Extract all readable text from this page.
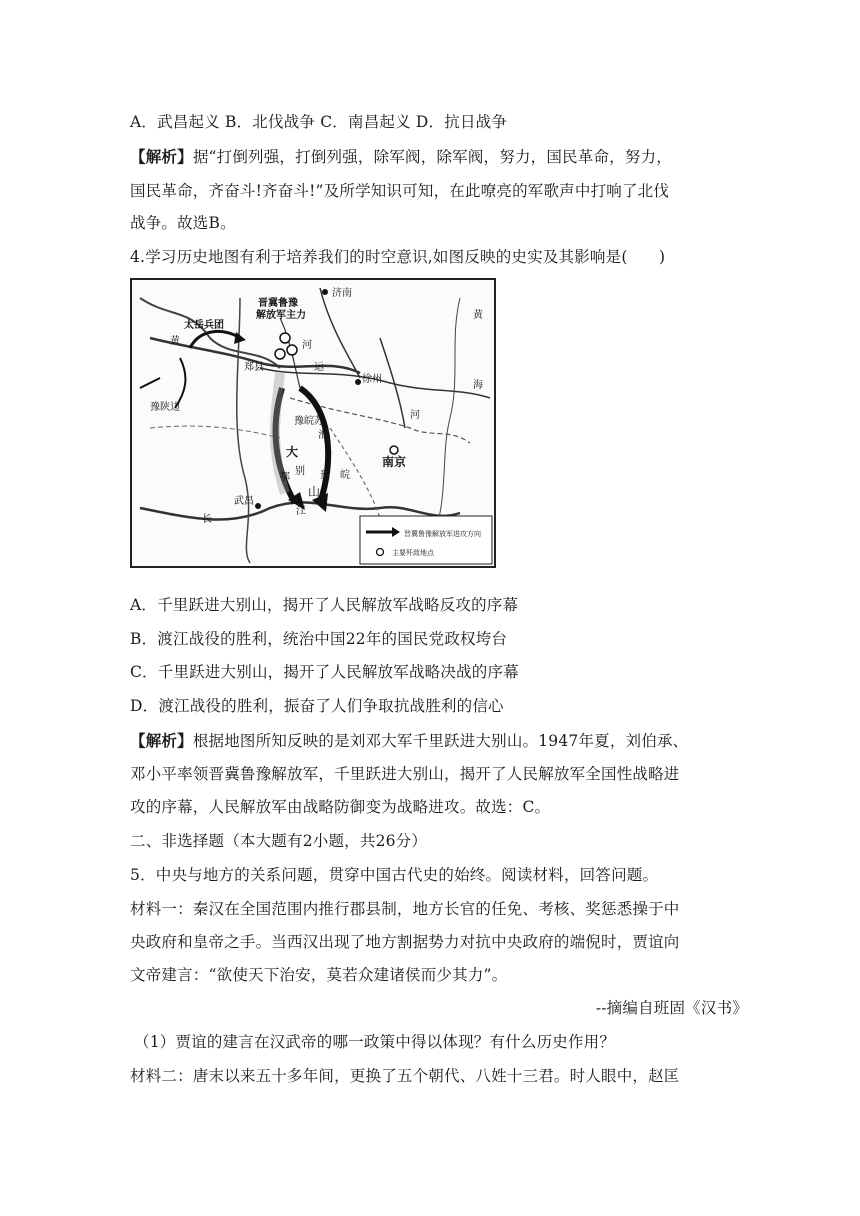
A．武昌起义 B．北伐战争 C．南昌起义 D．抗日战争
【解析】据“打倒列强，打倒列强，除军阀，除军阀，努力，国民革命，努力，
国民革命，齐奋斗!齐奋斗!”及所学知识可知，在此嘹亮的军歌声中打响了北伐
战争。故选B。
4.学习历史地图有利于培养我们的时空意识,如图反映的史实及其影响是(　　)
济南
晋冀鲁豫
解放军主力
太岳兵团
黄	河
郑县	运
徐州
豫陕边
豫皖苏
淮
河
南京
大
别
山
鄂	豫 皖
武昌
长
江
黄
海
晋冀鲁豫解放军进攻方向
主要歼敌地点
A．千里跃进大别山，揭开了人民解放军战略反攻的序幕
B．渡江战役的胜利，统治中国22年的国民党政权垮台
C．千里跃进大别山，揭开了人民解放军战略决战的序幕
D．渡江战役的胜利，振奋了人们争取抗战胜利的信心
【解析】根据地图所知反映的是刘邓大军千里跃进大别山。1947年夏，刘伯承、
邓小平率领晋冀鲁豫解放军，千里跃进大别山，揭开了人民解放军全国性战略进
攻的序幕，人民解放军由战略防御变为战略进攻。故选：C。
二、非选择题（本大题有2小题，共26分）
5．中央与地方的关系问题，贯穿中国古代史的始终。阅读材料，回答问题。
材料一：秦汉在全国范围内推行郡县制，地方长官的任免、考核、奖惩悉操于中
央政府和皇帝之手。当西汉出现了地方割据势力对抗中央政府的端倪时，贾谊向
文帝建言：“欲使天下治安，莫若众建诸侯而少其力”。
--摘编自班固《汉书》
（1）贾谊的建言在汉武帝的哪一政策中得以体现？有什么历史作用？
材料二：唐末以来五十多年间，更换了五个朝代、八姓十三君。时人眼中，赵匡
